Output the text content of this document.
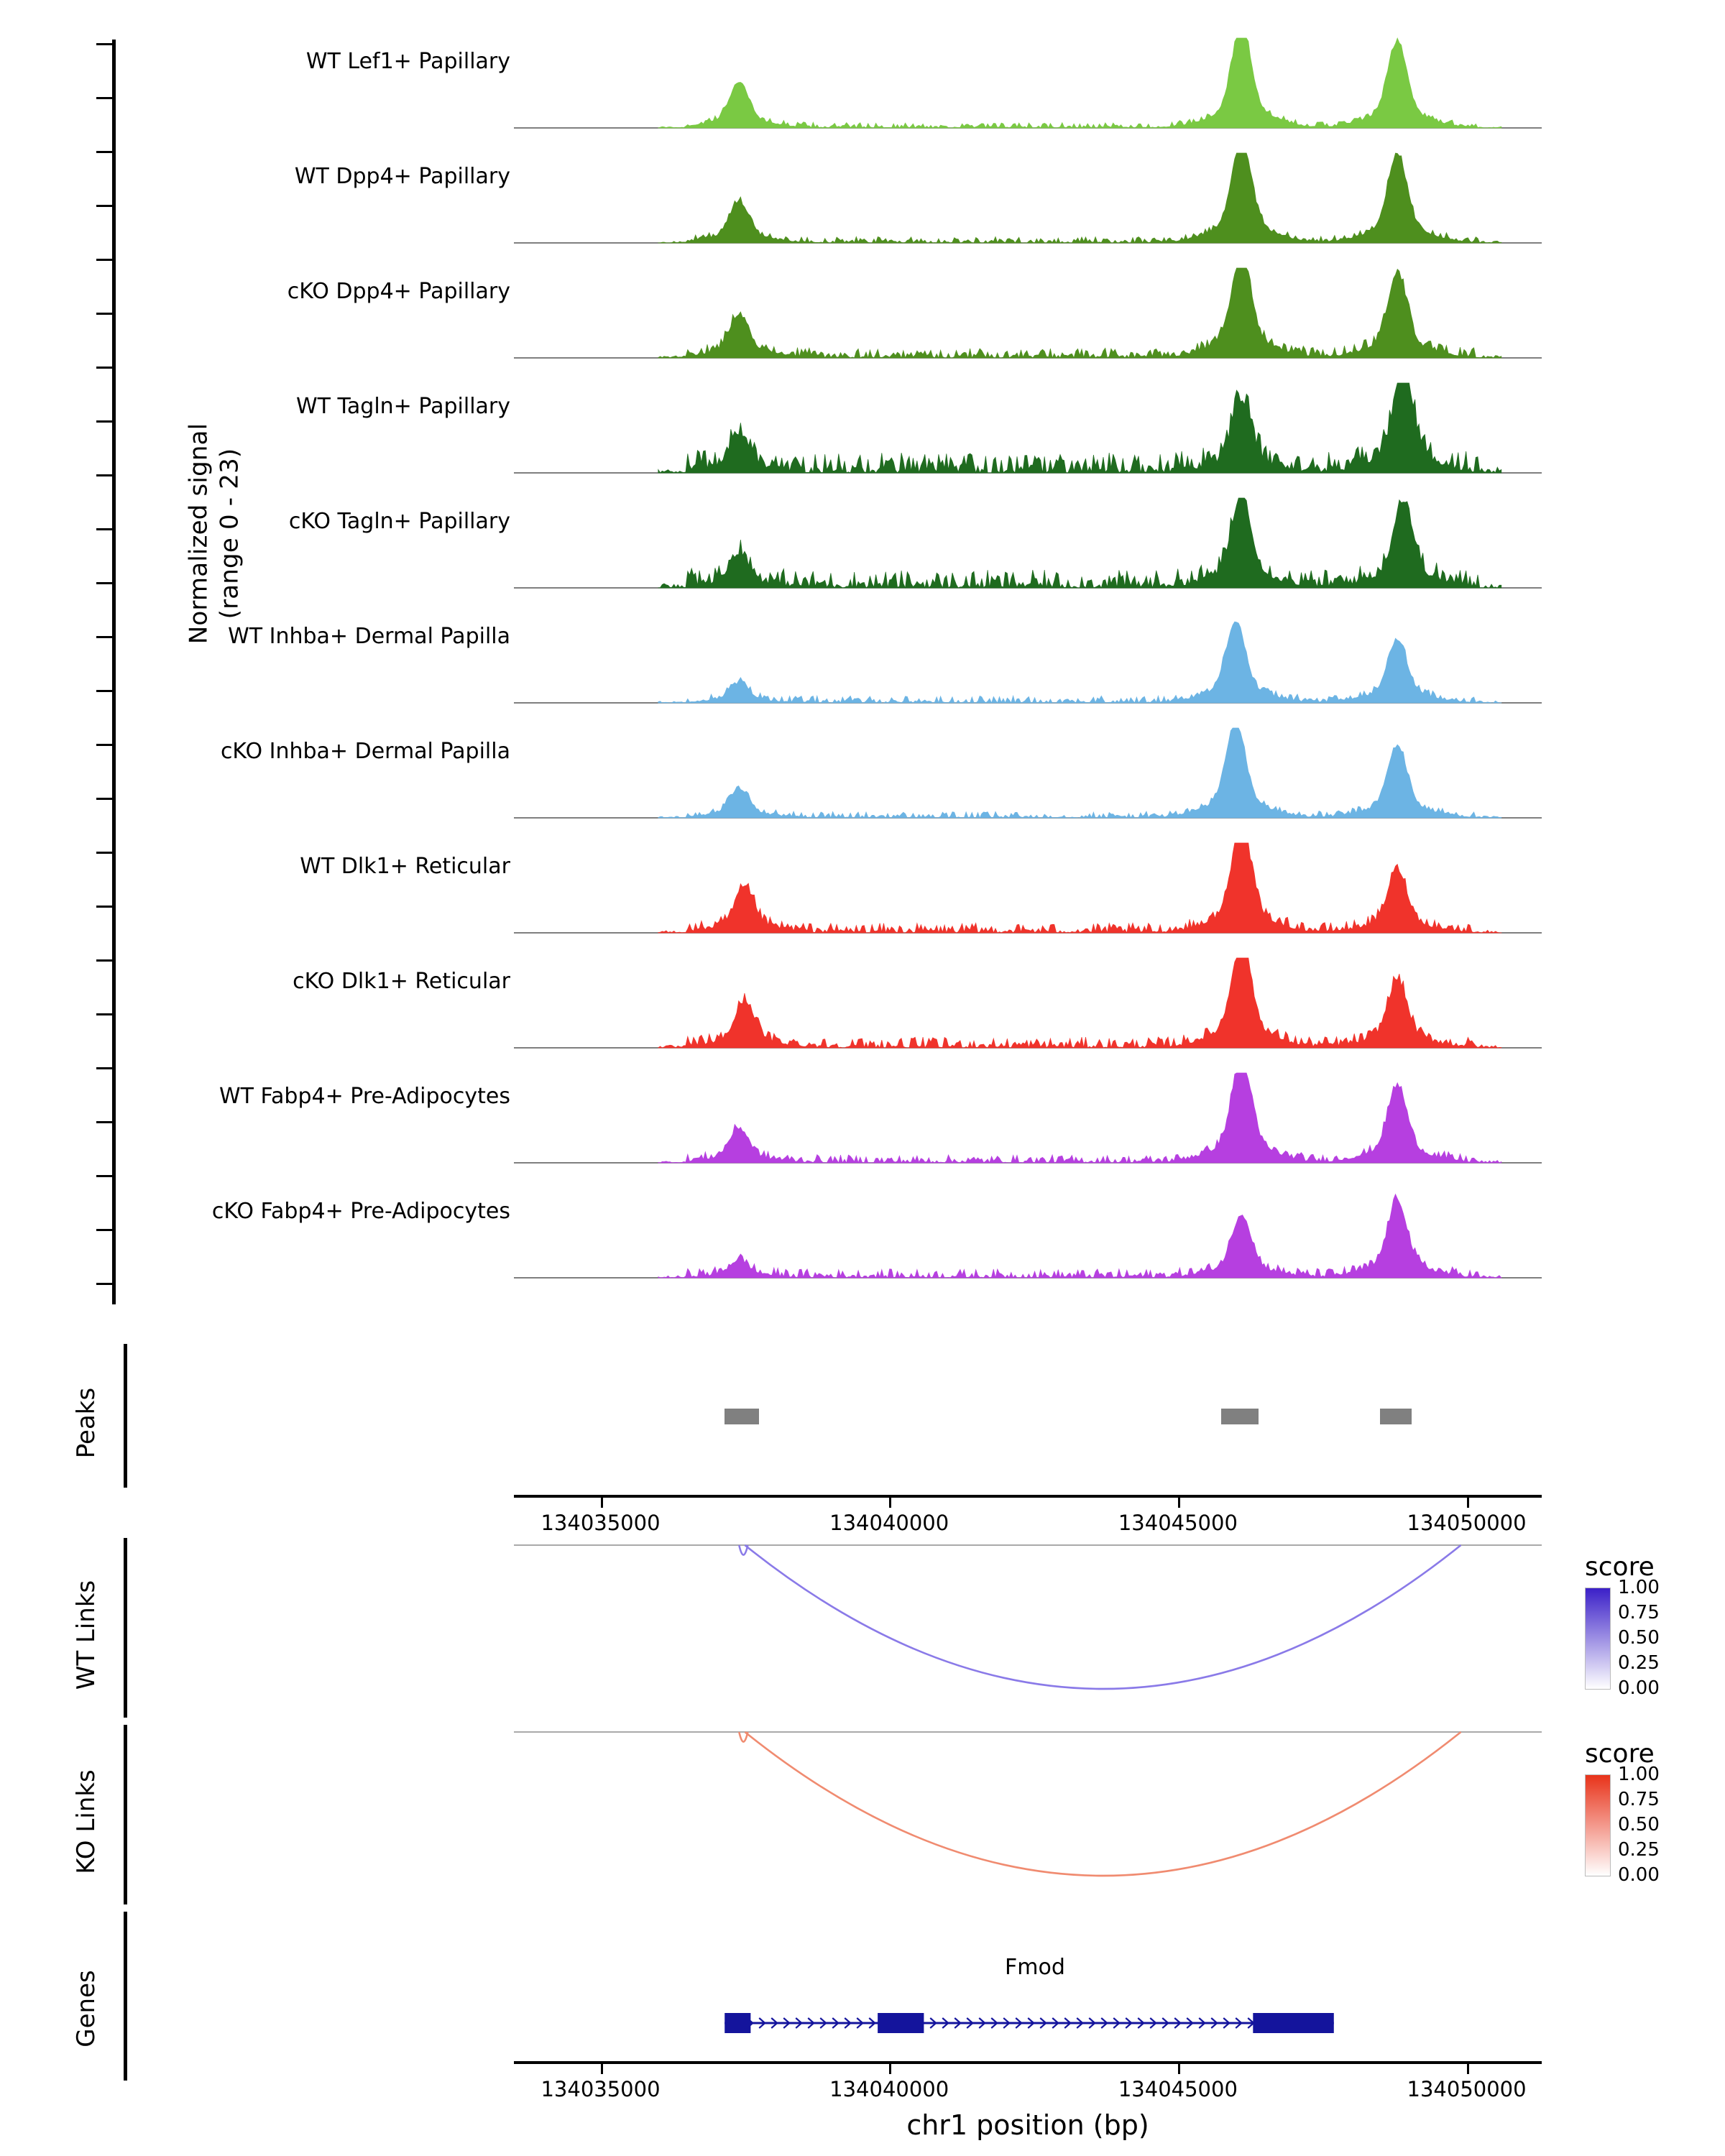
Normalized signal (range 0 - 23)
WT Lef1+ Papillary
WT Dpp4+ Papillary
cKO Dpp4+ Papillary
WT Tagln+ Papillary
cKO Tagln+ Papillary
WT Inhba+ Dermal Papilla
cKO Inhba+ Dermal Papilla
WT Dlk1+ Reticular
cKO Dlk1+ Reticular
WT Fabp4+ Pre-Adipocytes
cKO Fabp4+ Pre-Adipocytes
Peaks
134035000	134040000	134045000	134050000
WT Links
KO Links
Genes
Fmod
134035000	134040000	134045000	134050000
chr1 position (bp)
score
1.00
0.75
0.50
0.25
0.00
score
1.00
0.75
0.50
0.25
0.00
